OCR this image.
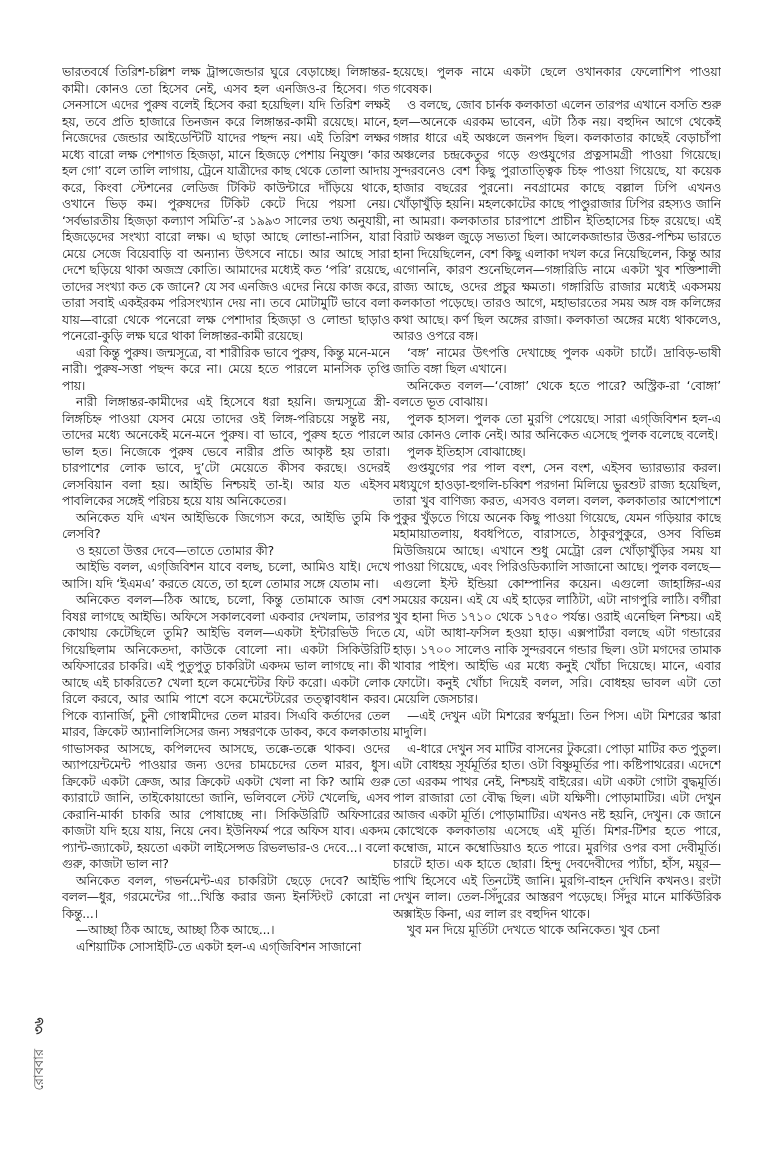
ভারতবর্ষে তিরিশ-চল্লিশ লক্ষ ট্রান্সজেন্ডার ঘুরে বেড়াচ্ছে। লিঙ্গান্তর-কামী। কোনও তো হিসেব নেই, এসব হল এনজিও-র হিসেব। গত সেনসাসে এদের পুরুষ বলেই হিসেব করা হয়েছিল। যদি তিরিশ লক্ষই হয়, তবে প্রতি হাজারে তিনজন করে লিঙ্গান্তর-কামী রয়েছে। মানে, নিজেদের জেন্ডার আইডেন্টিটি যাদের পছন্দ নয়। এই তিরিশ লক্ষর মধ্যে বারো লক্ষ পেশাগত হিজড়া, মানে হিজড়ে পেশায় নিযুক্ত। ‘কার হল গো’ বলে তালি লাগায়, ট্রেনে যাত্রীদের কাছ থেকে তোলা আদায় করে, কিংবা স্টেশনের লেডিজ টিকিট কাউন্টারে দাঁড়িয়ে থাকে, ওখানে ভিড় কম। পুরুষদের টিকিট কেটে দিয়ে পয়সা নেয়। ‘সর্বভারতীয় হিজড়া কল্যাণ সমিতি’-র ১৯৯৩ সালের তথ্য অনুযায়ী, হিজড়েদের সংখ্যা বারো লক্ষ। এ ছাড়া আছে লোন্ডা-নাসিন, যারা মেয়ে সেজে বিয়েবাড়ি বা অন্যান্য উৎসবে নাচে। আর আছে সারা দেশে ছড়িয়ে থাকা অজস্র কোতি। আমাদের মধ্যেই কত ‘পরি’ রয়েছে, তাদের সংখ্যা কত কে জানে? যে সব এনজিও এদের নিয়ে কাজ করে, তারা সবাই একইরকম পরিসংখ্যান দেয় না। তবে মোটামুটি ভাবে বলা যায়—বারো থেকে পনেরো লক্ষ পেশাদার হিজড়া ও লোন্ডা ছাড়াও পনেরো-কুড়ি লক্ষ ঘরে থাকা লিঙ্গান্তর-কামী রয়েছে।

এরা কিন্তু পুরুষ। জন্মসূত্রে, বা শারীরিক ভাবে পুরুষ, কিন্তু মনে-মনে নারী। পুরুষ-সত্তা পছন্দ করে না। মেয়ে হতে পারলে মানসিক তৃপ্তি পায়।

নারী লিঙ্গান্তর-কামীদের এই হিসেবে ধরা হয়নি। জন্মসূত্রে স্ত্রী-লিঙ্গচিহ্ন পাওয়া যেসব মেয়ে তাদের ওই লিঙ্গ-পরিচয়ে সন্তুষ্ট নয়, তাদের মধ্যে অনেকেই মনে-মনে পুরুষ। বা ভাবে, পুরুষ হতে পারলে ভাল হত। নিজেকে পুরুষ ভেবে নারীর প্রতি আকৃষ্ট হয় তারা। চারপাশের লোক ভাবে, দু’টো মেয়েতে কীসব করছে। ওদেরই লেসবিয়ান বলা হয়। আইভি নিশ্চয়ই তা-ই। আর যত এইসব পাবলিকের সঙ্গেই পরিচয় হয়ে যায় অনিকেতের।

অনিকেত যদি এখন আইভিকে জিগ্যেস করে, আইভি তুমি কি লেসবি?

ও হয়তো উত্তর দেবে—তাতে তোমার কী?

আইভি বলল, এগ্‌জিবিশন যাবে বলছ, চলো, আমিও যাই। দেখে আসি। যদি ‘ইএমএ’ করতে যেতে, তা হলে তোমার সঙ্গে যেতাম না।

অনিকেত বলল—ঠিক আছে, চলো, কিন্তু তোমাকে আজ বেশ বিষণ্ণ লাগছে আইভি। অফিসে সকালবেলা একবার দেখলাম, তারপর কোথায় কেটেছিলে তুমি? আইভি বলল—একটা ইন্টারভিউ দিতে গিয়েছিলাম অনিকেতদা, কাউকে বোলো না। একটা সিকিউরিটি অফিসারের চাকরি। এই পুতুপুতু চাকরিটা একদম ভাল লাগছে না। কী আছে এই চাকরিতে? খেলা হলে কমেন্টেটর ফিট করো। একটা লোক রিলে করবে, আর আমি পাশে বসে কমেন্টেটরের তত্ত্বাবধান করব। পিকে ব্যানার্জি, চুনী গোস্বামীদের তেল মারব। সিএবি কর্তাদের তেল মারব, ক্রিকেট অ্যানালিসিসের জন্য সম্বরণকে ডাকব, কবে কলকাতায় গাভাসকর আসছে, কপিলদেব আসছে, তক্কে-তক্কে থাকব। ওদের অ্যাপয়েন্টমেন্ট পাওয়ার জন্য ওদের চামচেদের তেল মারব, ধুস। ক্রিকেট একটা ক্রেজ, আর ক্রিকেট একটা খেলা না কি? আমি গুরু ক্যারাটে জানি, তাইকোয়ান্ডো জানি, ভলিবলে স্টেট খেলেছি, এসব কেরানি-মার্কা চাকরি আর পোষাচ্ছে না। সিকিউরিটি অফিসারের কাজটা যদি হয়ে যায়, নিয়ে নেব। ইউনিফর্ম পরে অফিস যাব। একদম প্যান্ট-জ্যাকেট, হয়তো একটা লাইসেন্সড রিভলভার-ও দেবে...। বলো গুরু, কাজটা ভাল না?

অনিকেত বলল, গভর্নমেন্ট-এর চাকরিটা ছেড়ে দেবে? আইভি বলল—ধুর, গরমেন্টের গা...খিস্তি করার জন্য ইনস্টিংট কোরো না কিন্তু...।

—আচ্ছা ঠিক আছে, আচ্ছা ঠিক আছে...।

এশিয়াটিক সোসাইটি-তে একটা হল-এ এগ্‌জিবিশন সাজানো

হয়েছে। পুলক নামে একটা ছেলে ওখানকার ফেলোশিপ পাওয়া গবেষক।

ও বলছে, জোব চার্নক কলকাতা এলেন তারপর এখানে বসতি শুরু হল—অনেকে এরকম ভাবেন, এটা ঠিক নয়। বহুদিন আগে থেকেই গঙ্গার ধারে এই অঞ্চলে জনপদ ছিল। কলকাতার কাছেই বেড়াচাঁপা অঞ্চলের চন্দ্রকেতুর গড়ে গুপ্তযুগের প্রত্নসামগ্রী পাওয়া গিয়েছে। সুন্দরবনেও বেশ কিছু পুরাতাত্ত্বিক চিহ্ন পাওয়া গিয়েছে, যা কয়েক হাজার বছরের পুরনো। নবগ্রামের কাছে বল্লাল ঢিপি এখনও খোঁড়াখুঁড়ি হয়নি। মহলকোটের কাছে পাণ্ডুরাজার ঢিপির রহস্যও জানি না আমরা। কলকাতার চারপাশে প্রাচীন ইতিহাসের চিহ্ন রয়েছে। এই বিরাট অঞ্চল জুড়ে সভ্যতা ছিল। আলেকজান্ডার উত্তর-পশ্চিম ভারতে হানা দিয়েছিলেন, বেশ কিছু এলাকা দখল করে নিয়েছিলেন, কিন্তু আর এগোননি, কারণ শুনেছিলেন—গঙ্গারিডি নামে একটা খুব শক্তিশালী রাজ্য আছে, ওদের প্রচুর ক্ষমতা। গঙ্গারিডি রাজার মধ্যেই একসময় কলকাতা পড়েছে। তারও আগে, মহাভারতের সময় অঙ্গ বঙ্গ কলিঙ্গের কথা আছে। কর্ণ ছিল অঙ্গের রাজা। কলকাতা অঙ্গের মধ্যে থাকলেও, আরও ওপরে বঙ্গ।

‘বঙ্গ’ নামের উৎপত্তি দেখাচ্ছে পুলক একটা চার্টে। দ্রাবিড়-ভাষী জাতি বঙ্গা ছিল এখানে।

অনিকেত বলল—‘বোঙ্গা’ থেকে হতে পারে? অস্ট্রিক-রা ‘বোঙ্গা’ বলতে ভূত বোঝায়।

পুলক হাসল। পুলক তো মুরগি পেয়েছে। সারা এগ্‌জিবিশন হল-এ আর কোনও লোক নেই। আর অনিকেত এসেছে পুলক বলেছে বলেই।

পুলক ইতিহাস বোঝাচ্ছে।

গুপ্তযুগের পর পাল বংশ, সেন বংশ, এইসব ভ্যারভ্যার করল। মধ্যযুগে হাওড়া-হুগলি-চব্বিশ পরগনা মিলিয়ে ভুরশুট রাজ্য হয়েছিল, তারা খুব বাণিজ্য করত, এসবও বলল। বলল, কলকাতার আশেপাশে পুকুর খুঁড়তে গিয়ে অনেক কিছু পাওয়া গিয়েছে, যেমন গড়িয়ার কাছে মহামায়াতলায়, ধবধপিতে, বারাসতে, ঠাকুরপুকুরে, ওসব বিভিন্ন মিউজিয়মে আছে। এখানে শুধু মেট্রো রেল খোঁড়াখুঁড়ির সময় যা পাওয়া গিয়েছে, এবং পিরিওডিক্যালি সাজানো আছে। পুলক বলছে—এগুলো ইস্ট ইন্ডিয়া কোম্পানির কয়েন। এগুলো জাহাঙ্গির-এর সময়ের কয়েন। এই যে এই হাড়ের লাঠিটা, এটা নাগপুরি লাঠি। বর্গীরা খুব হানা দিত ১৭১০ থেকে ১৭৫০ পর্যন্ত। ওরাই এনেছিল নিশ্চয়। এই যে, এটা আধা-ফসিল হওয়া হাড়। এক্সপার্টরা বলছে এটা গন্ডারের হাড়। ১৭০০ সালেও নাকি সুন্দরবনে গন্ডার ছিল। ওটা মগদের তামাক খাবার পাইপ। আইভি এর মধ্যে কনুই খোঁচা দিয়েছে। মানে, এবার ফোটো। কনুই খোঁচা দিয়েই বলল, সরি। বোধহয় ভাবল এটা তো মেয়েলি জেসচার।

—এই দেখুন এটা মিশরের স্বর্ণমুদ্রা। তিন পিস। এটা মিশরের স্কারা মাদুলি।

এ-ধারে দেখুন সব মাটির বাসনের টুকরো। পোড়া মাটির কত পুতুল। এটা বোধহয় সূর্যমূর্তির হাত। ওটা বিষ্ণুমূর্তির পা। কষ্টিপাথরের। এদেশে তো এরকম পাথর নেই, নিশ্চয়ই বাইরের। এটা একটা গোটা বুদ্ধমূর্তি। পাল রাজারা তো বৌদ্ধ ছিল। এটা যক্ষিণী। পোড়ামাটির। এটা দেখুন আজব একটা মূর্তি। পোড়ামাটির। এখনও নষ্ট হয়নি, দেখুন। কে জানে কোত্থেকে কলকাতায় এসেছে এই মূর্তি। মিশর-টিশর হতে পারে, কম্বোজ, মানে কম্বোডিয়াও হতে পারে। মুরগির ওপর বসা দেবীমূর্তি। চারটে হাত। এক হাতে ছোরা। হিন্দু দেবদেবীদের প্যাঁচা, হাঁস, ময়ূর—পাখি হিসেবে এই তিনটেই জানি। মুরগি-বাহন দেখিনি কখনও। রংটা দেখুন লাল। তেল-সিঁদুরের আস্তরণ পড়েছে। সিঁদুর মানে মার্কিউরিক অক্সাইড কিনা, এর লাল রং বহুদিন থাকে।

খুব মন দিয়ে মূর্তিটা দেখতে থাকে অনিকেত। খুব চেনা

রোববার
৩৬
